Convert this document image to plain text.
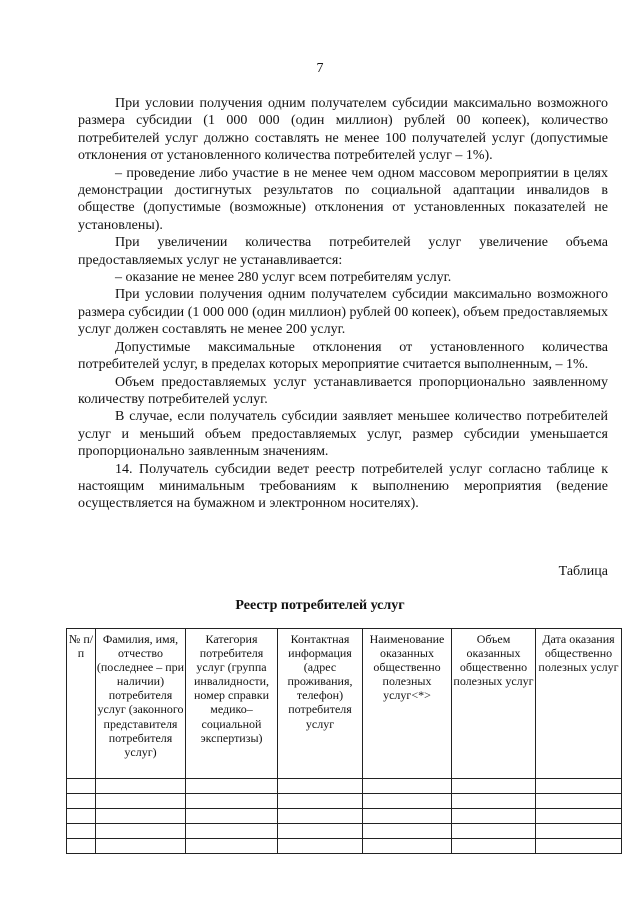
7

При условии получения одним получателем субсидии максимально возможного размера субсидии (1 000 000 (один миллион) рублей 00 копеек), количество потребителей услуг должно составлять не менее 100 получателей услуг (допустимые отклонения от установленного количества потребителей услуг – 1%).

– проведение либо участие в не менее чем одном массовом мероприятии в целях демонстрации достигнутых результатов по социальной адаптации инвалидов в обществе (допустимые (возможные) отклонения от установленных показателей не установлены).

При увеличении количества потребителей услуг увеличение объема предоставляемых услуг не устанавливается:

– оказание не менее 280 услуг всем потребителям услуг.

При условии получения одним получателем субсидии максимально возможного размера субсидии (1 000 000 (один миллион) рублей 00 копеек), объем предоставляемых услуг должен составлять не менее 200 услуг.

Допустимые максимальные отклонения от установленного количества потребителей услуг, в пределах которых мероприятие считается выполненным, – 1%.

Объем предоставляемых услуг устанавливается пропорционально заявленному количеству потребителей услуг.

В случае, если получатель субсидии заявляет меньшее количество потребителей услуг и меньший объем предоставляемых услуг, размер субсидии уменьшается пропорционально заявленным значениям.

14. Получатель субсидии ведет реестр потребителей услуг согласно таблице к настоящим минимальным требованиям к выполнению мероприятия (ведение осуществляется на бумажном и электронном носителях).

Таблица
Реестр потребителей услуг
№ п/п	Фамилия, имя, отчество (последнее – при наличии) потребителя услуг (законного представителя потребителя услуг)	Категория потребителя услуг (группа инвалидности, номер справки медико–социальной экспертизы)	Контактная информация (адрес проживания, телефон) потребителя услуг	Наименование оказанных общественно полезных услуг<*>	Объем оказанных общественно полезных услуг	Дата оказания общественно полезных услуг
